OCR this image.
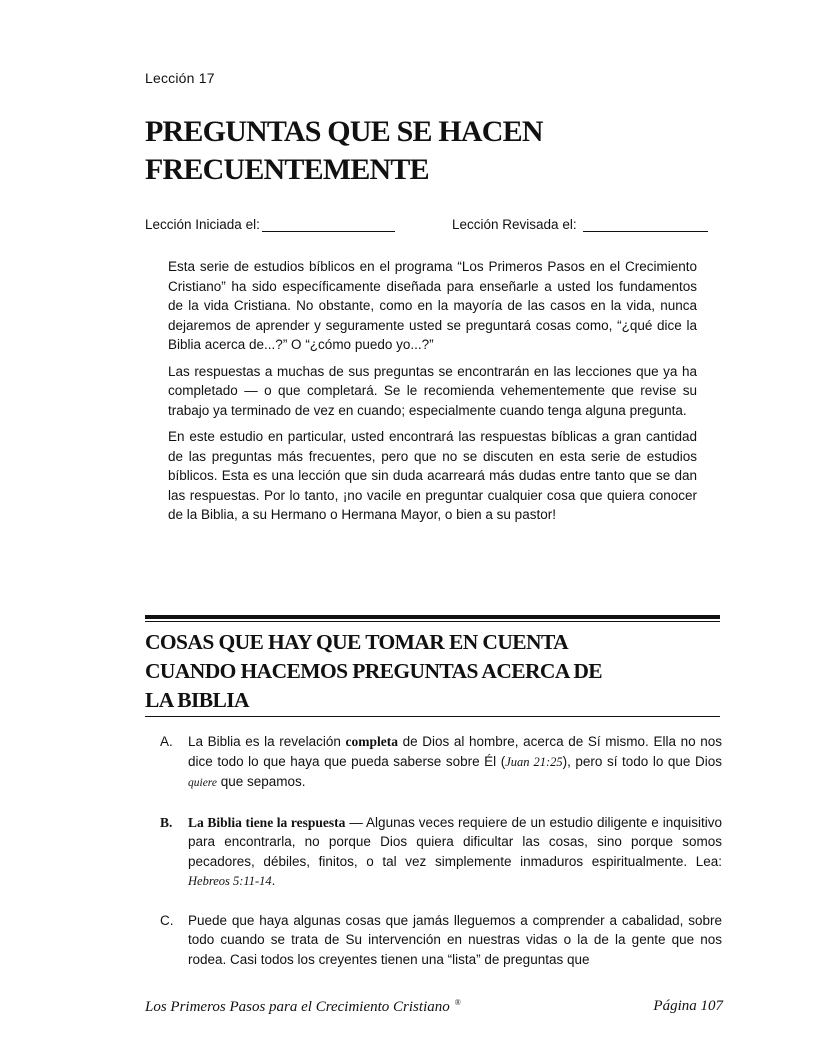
Lección 17
PREGUNTAS QUE SE HACEN
FRECUENTEMENTE
Lección Iniciada el:	Lección Revisada el:

Esta serie de estudios bíblicos en el programa “Los Primeros Pasos en el Crecimiento Cristiano” ha sido específicamente diseñada para enseñarle a usted los fundamentos de la vida Cristiana. No obstante, como en la mayoría de las casos en la vida, nunca dejaremos de aprender y seguramente usted se preguntará cosas como, “¿qué dice la Biblia acerca de...?” O “¿cómo puedo yo...?”

Las respuestas a muchas de sus preguntas se encontrarán en las lecciones que ya ha completado — o que completará. Se le recomienda vehementemente que revise su trabajo ya terminado de vez en cuando; especialmente cuando tenga alguna pregunta.

En este estudio en particular, usted encontrará las respuestas bíblicas a gran cantidad de las preguntas más frecuentes, pero que no se discuten en esta serie de estudios bíblicos. Esta es una lección que sin duda acarreará más dudas entre tanto que se dan las respuestas. Por lo tanto, ¡no vacile en preguntar cualquier cosa que quiera conocer de la Biblia, a su Hermano o Hermana Mayor, o bien a su pastor!

COSAS QUE HAY QUE TOMAR EN CUENTA
CUANDO HACEMOS PREGUNTAS ACERCA DE
LA BIBLIA
A. La Biblia es la revelación completa de Dios al hombre, acerca de Sí mismo. Ella no nos dice todo lo que haya que pueda saberse sobre Él (Juan 21:25), pero sí todo lo que Dios quiere que sepamos.
B. La Biblia tiene la respuesta — Algunas veces requiere de un estudio diligente e inquisitivo para encontrarla, no porque Dios quiera dificultar las cosas, sino porque somos pecadores, débiles, finitos, o tal vez simplemente inmaduros espiritualmente. Lea: Hebreos 5:11-14.
C. Puede que haya algunas cosas que jamás lleguemos a comprender a cabalidad, sobre todo cuando se trata de Su intervención en nuestras vidas o la de la gente que nos rodea. Casi todos los creyentes tienen una “lista” de preguntas que
Los Primeros Pasos para el Crecimiento Cristiano ®	Página 107
